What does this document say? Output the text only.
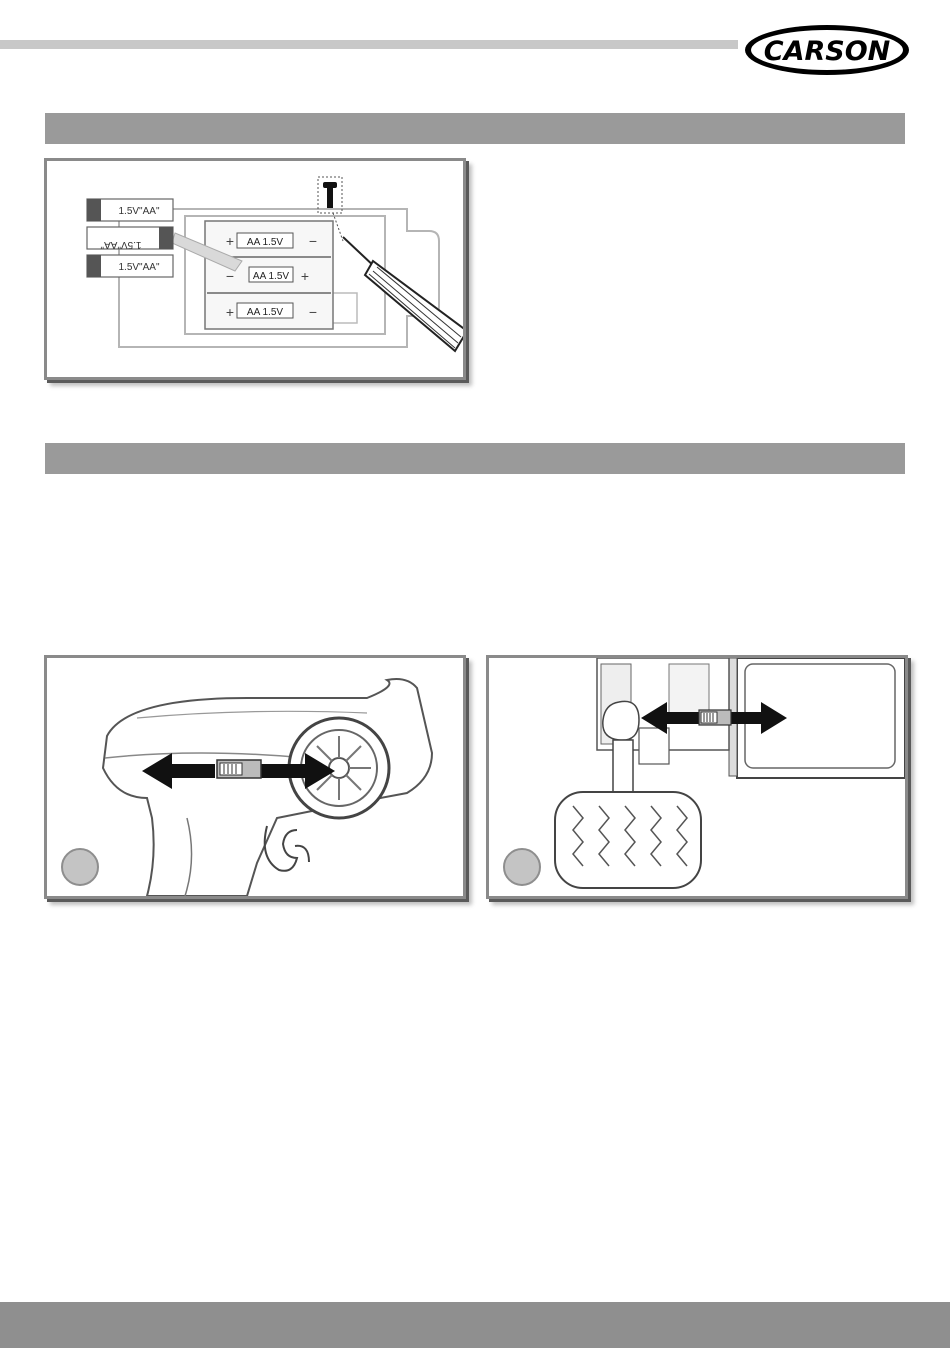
CARSON
AA 1.5V
AA 1.5V
AA 1.5V
+	−
−	+
+	−
1.5V"AA"
1.5V"AA"
1.5V"AA"
